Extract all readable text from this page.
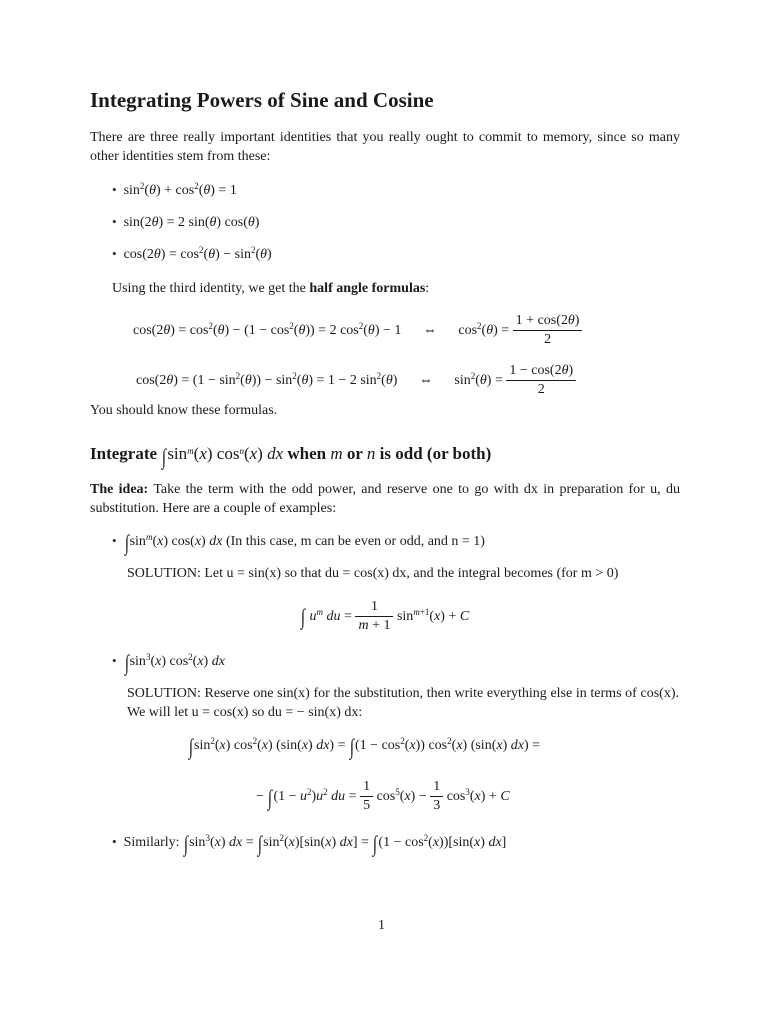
Integrating Powers of Sine and Cosine
There are three really important identities that you really ought to commit to memory, since so many other identities stem from these:
•  $\sin^2(\theta) + \cos^2(\theta) = 1$
•  sin(2θ) = 2 sin(θ) cos(θ)
•  $\cos(2\theta) = \cos^2(\theta) - \sin^2(\theta)$
Using the third identity, we get the half angle formulas:
$\cos(2\theta) = \cos^2(\theta) - (1 - \cos^2(\theta)) = 2$ $\cos^2(\theta) - 1$ ⇔ $\cos^2(\theta) = \frac{1 + \cos(2\theta)}{2}$
$\cos(2\theta) = (1 - \sin^2(\theta)) - \sin^2(\theta) = 1 - 2$ $\sin^2(\theta)$ ⇔ $\sin^2(\theta) = \frac{1 - \cos(2\theta)}{2}$
You should know these formulas.
Integrate $\int\sin^m(x)$ $\cos^n(x)$ dx when m or n is odd (or both)
The idea: Take the term with the odd power, and reserve one to go with dx in preparation for u, du substitution. Here are a couple of examples:
• $\int\sin^m(x)$ cos(x) dx (In this case, m can be even or odd, and n = 1)
SOLUTION: Let u = sin(x) so that du = cos(x) dx, and the integral becomes (for m > 0)
∫ $u^m$ du = $\frac{1}{m + 1} \sin^{m+1}(x) + C$
• $\int\sin^3(x)$ $\cos^2(x)$ dx
SOLUTION: Reserve one sin(x) for the substitution, then write everything else in terms of cos(x). We will let u = cos(x) so du = − sin(x) dx:
$\int\sin^2(x)$ $\cos^2(x)$ (sin(x) $dx) = \int(1 - \cos^2(x))$ $\cos^2(x)$ (sin(x) dx) =
− $\int(1 - u^2)u^2$ du = $\frac{1}{5} \cos^5(x) - \frac{1}{3} \cos^3(x) + C$
• Similarly: $\int\sin^3(x)$ dx = $\int\sin^2(x)[\sin(x) dx] = \int(1 - \cos^2(x))[\sin(x)$ dx]
1
